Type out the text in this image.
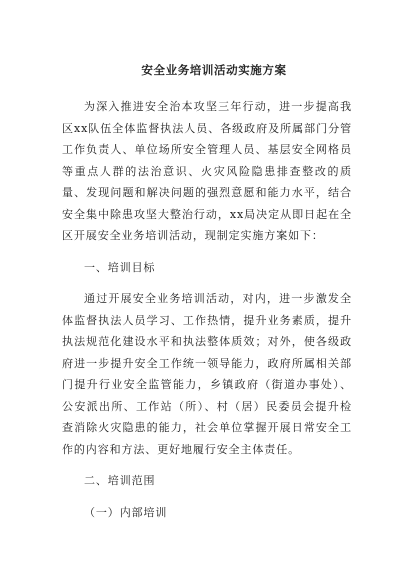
安全业务培训活动实施方案

为深入推进安全治本攻坚三年行动，进一步提高我区xx队伍全体监督执法人员、各级政府及所属部门分管工作负责人、单位场所安全管理人员、基层安全网格员等重点人群的法治意识、火灾风险隐患排查整改的质量、发现问题和解决问题的强烈意愿和能力水平，结合安全集中除患攻坚大整治行动，xx局决定从即日起在全区开展安全业务培训活动，现制定实施方案如下：

一、培训目标

通过开展安全业务培训活动，对内，进一步激发全体监督执法人员学习、工作热情，提升业务素质，提升执法规范化建设水平和执法整体质效；对外，使各级政府进一步提升安全工作统一领导能力，政府所属相关部门提升行业安全监管能力，乡镇政府（街道办事处）、公安派出所、工作站（所）、村（居）民委员会提升检查消除火灾隐患的能力，社会单位掌握开展日常安全工作的内容和方法、更好地履行安全主体责任。

二、培训范围

（一）内部培训
